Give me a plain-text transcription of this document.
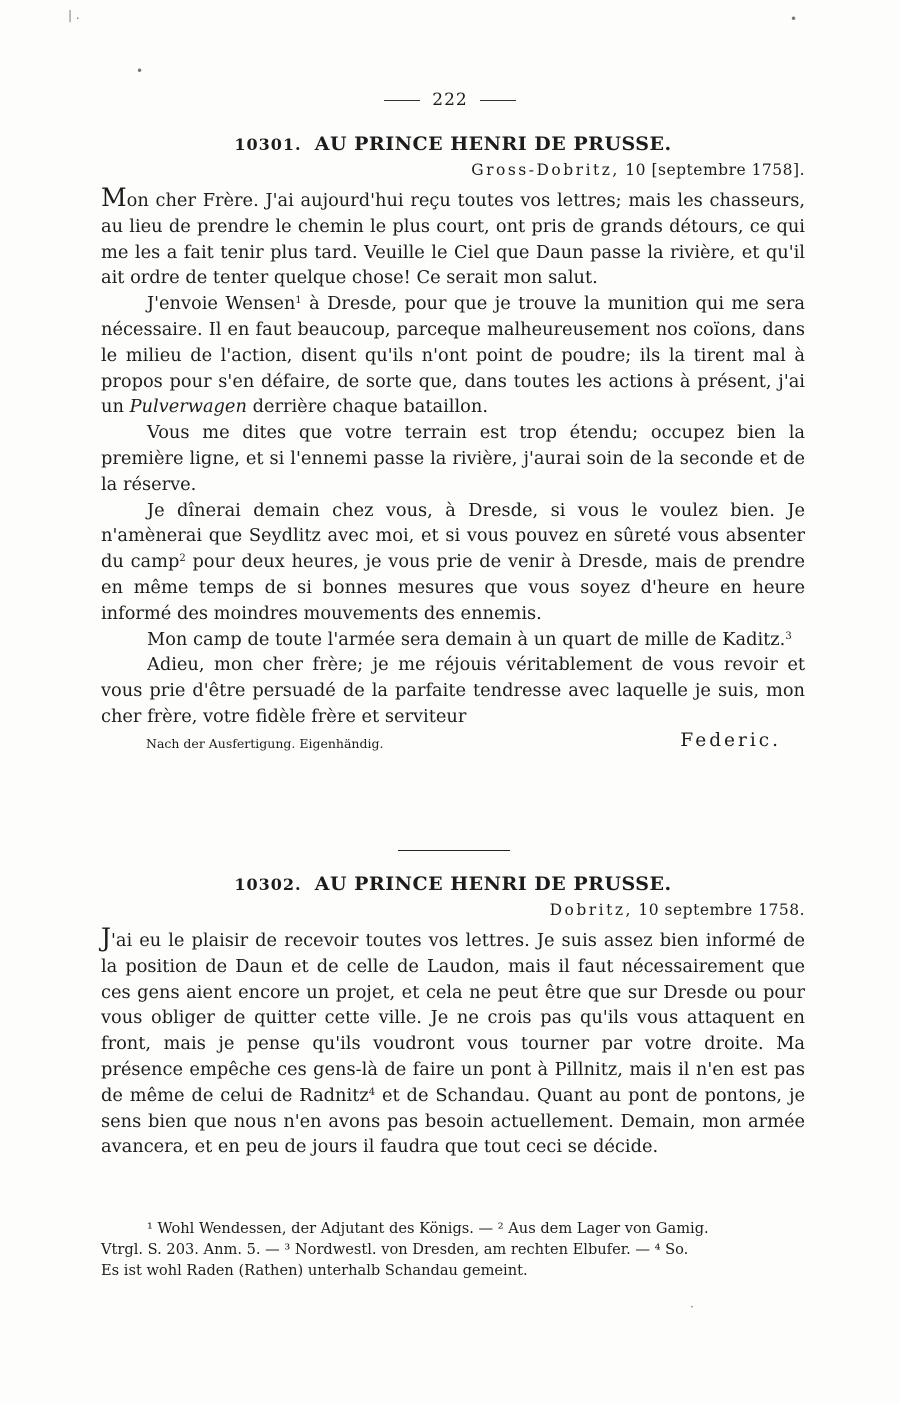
| .	•
•
222
10301. AU PRINCE HENRI DE PRUSSE.
Gross-Dobritz, 10 [septembre 1758].

Mon cher Frère. J'ai aujourd'hui reçu toutes vos lettres; mais les chasseurs, au lieu de prendre le chemin le plus court, ont pris de grands détours, ce qui me les a fait tenir plus tard. Veuille le Ciel que Daun passe la rivière, et qu'il ait ordre de tenter quelque chose! Ce serait mon salut.

J'envoie Wensen$^1$ à Dresde, pour que je trouve la munition qui me sera nécessaire. Il en faut beaucoup, parceque malheureusement nos coïons, dans le milieu de l'action, disent qu'ils n'ont point de poudre; ils la tirent mal à propos pour s'en défaire, de sorte que, dans toutes les actions à présent, j'ai un Pulverwagen derrière chaque bataillon.

Vous me dites que votre terrain est trop étendu; occupez bien la première ligne, et si l'ennemi passe la rivière, j'aurai soin de la seconde et de la réserve.

Je dînerai demain chez vous, à Dresde, si vous le voulez bien. Je n'amènerai que Seydlitz avec moi, et si vous pouvez en sûreté vous absenter du camp$^2$ pour deux heures, je vous prie de venir à Dresde, mais de prendre en même temps de si bonnes mesures que vous soyez d'heure en heure informé des moindres mouvements des ennemis.

Mon camp de toute l'armée sera demain à un quart de mille de Kaditz.$^3$

Adieu, mon cher frère; je me réjouis véritablement de vous revoir et vous prie d'être persuadé de la parfaite tendresse avec laquelle je suis, mon cher frère, votre fidèle frère et serviteur

Nach der Ausfertigung. Eigenhändig.	Federic.
10302. AU PRINCE HENRI DE PRUSSE.
Dobritz, 10 septembre 1758.

J'ai eu le plaisir de recevoir toutes vos lettres. Je suis assez bien informé de la position de Daun et de celle de Laudon, mais il faut nécessairement que ces gens aient encore un projet, et cela ne peut être que sur Dresde ou pour vous obliger de quitter cette ville. Je ne crois pas qu'ils vous attaquent en front, mais je pense qu'ils voudront vous tourner par votre droite. Ma présence empêche ces gens-là de faire un pont à Pillnitz, mais il n'en est pas de même de celui de Radnitz$^4$ et de Schandau. Quant au pont de pontons, je sens bien que nous n'en avons pas besoin actuellement. Demain, mon armée avancera, et en peu de jours il faudra que tout ceci se décide.

¹ Wohl Wendessen, der Adjutant des Königs. — ² Aus dem Lager von Gamig.

Vtrgl. S. 203. Anm. 5. — ³ Nordwestl. von Dresden, am rechten Elbufer. — ⁴ So.

Es ist wohl Raden (Rathen) unterhalb Schandau gemeint.

·
